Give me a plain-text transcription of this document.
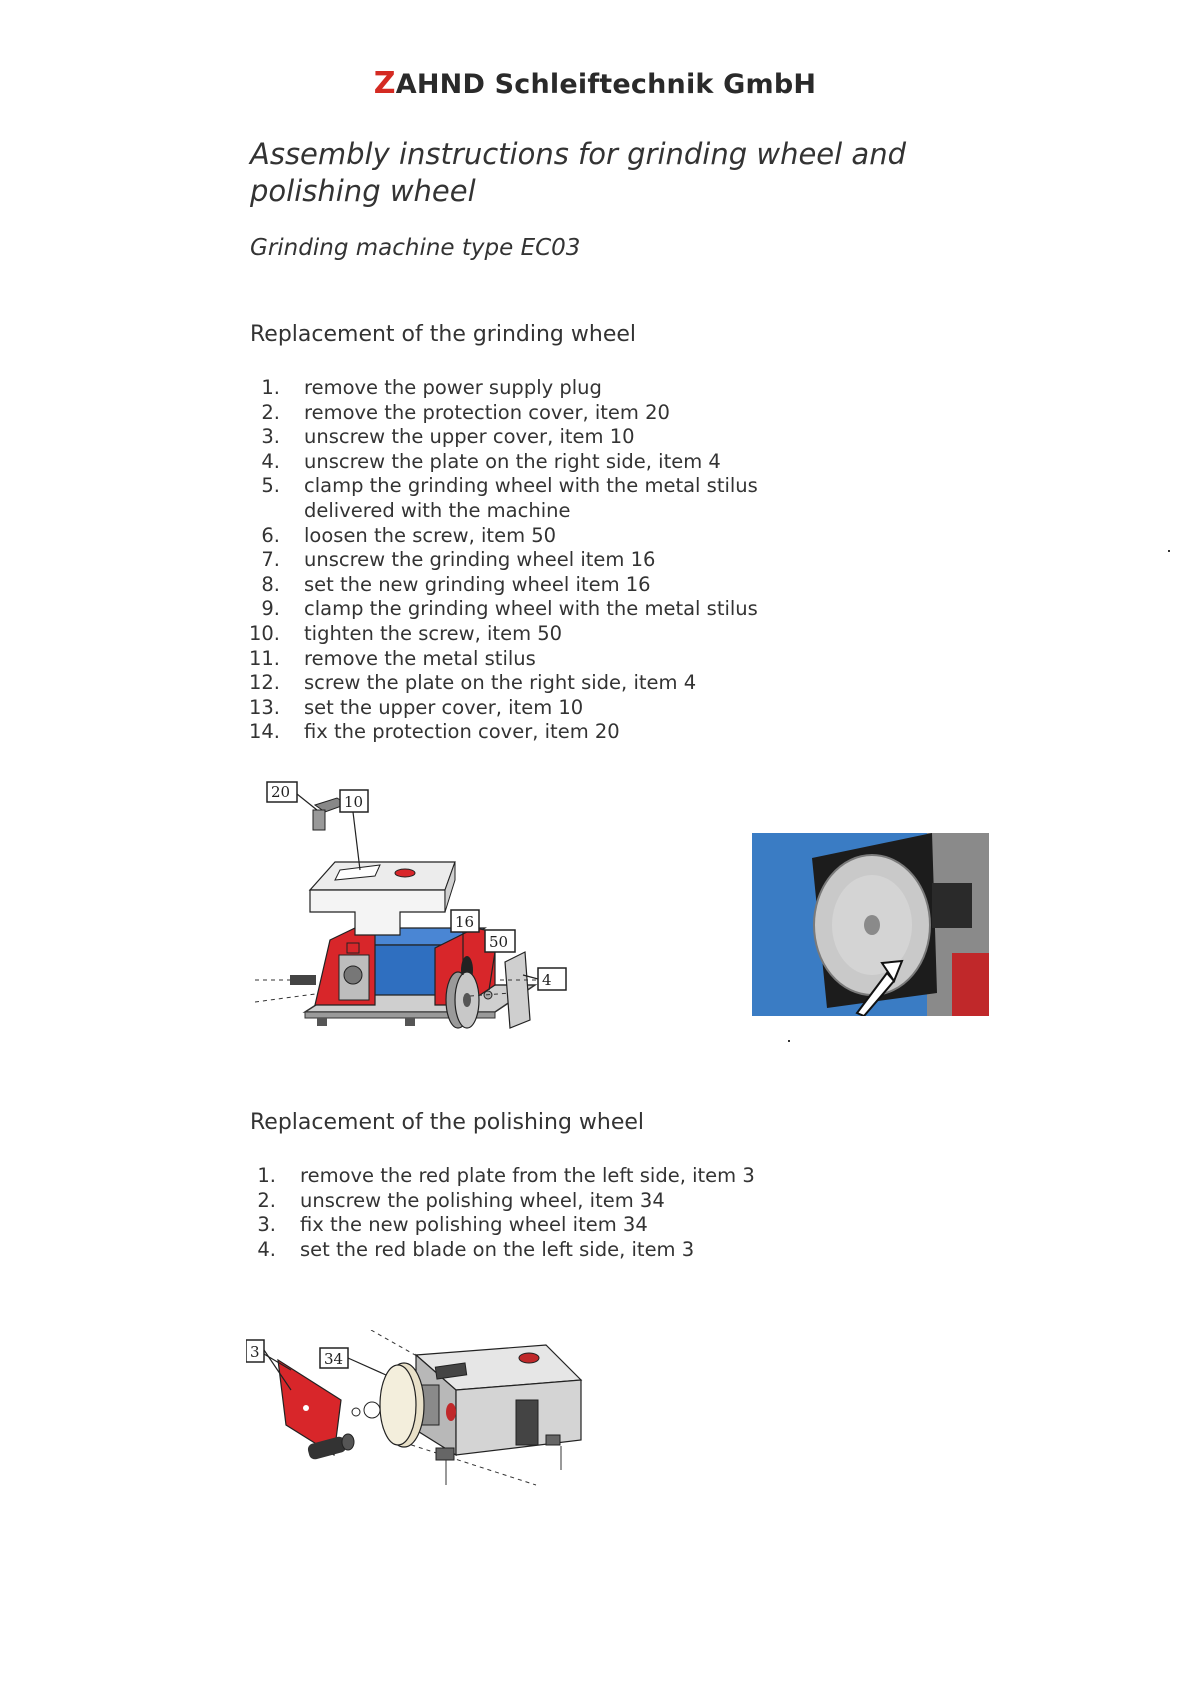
ZAHND Schleiftechnik GmbH
Assembly instructions for grinding wheel and polishing wheel
Grinding machine type EC03
Replacement of the grinding wheel
1. remove the power supply plug
2. remove the protection cover, item 20
3. unscrew the upper cover, item 10
4. unscrew the plate on the right side, item 4
5. clamp the grinding wheel with the metal stilus delivered with the machine
6. loosen the screw, item 50
7. unscrew the grinding wheel item 16
8. set the new grinding wheel item 16
9. clamp the grinding wheel with the metal stilus
10. tighten the screw, item 50
11. remove the metal stilus
12. screw the plate on the right side, item 4
13. set the upper cover, item 10
14. fix the protection cover, item 20
20
10
16
50
4
Replacement of the polishing wheel
1. remove the red plate from the left side, item 3
2. unscrew the polishing wheel, item 34
3. fix the new polishing wheel item 34
4. set the red blade on the left side, item 3
3	34
